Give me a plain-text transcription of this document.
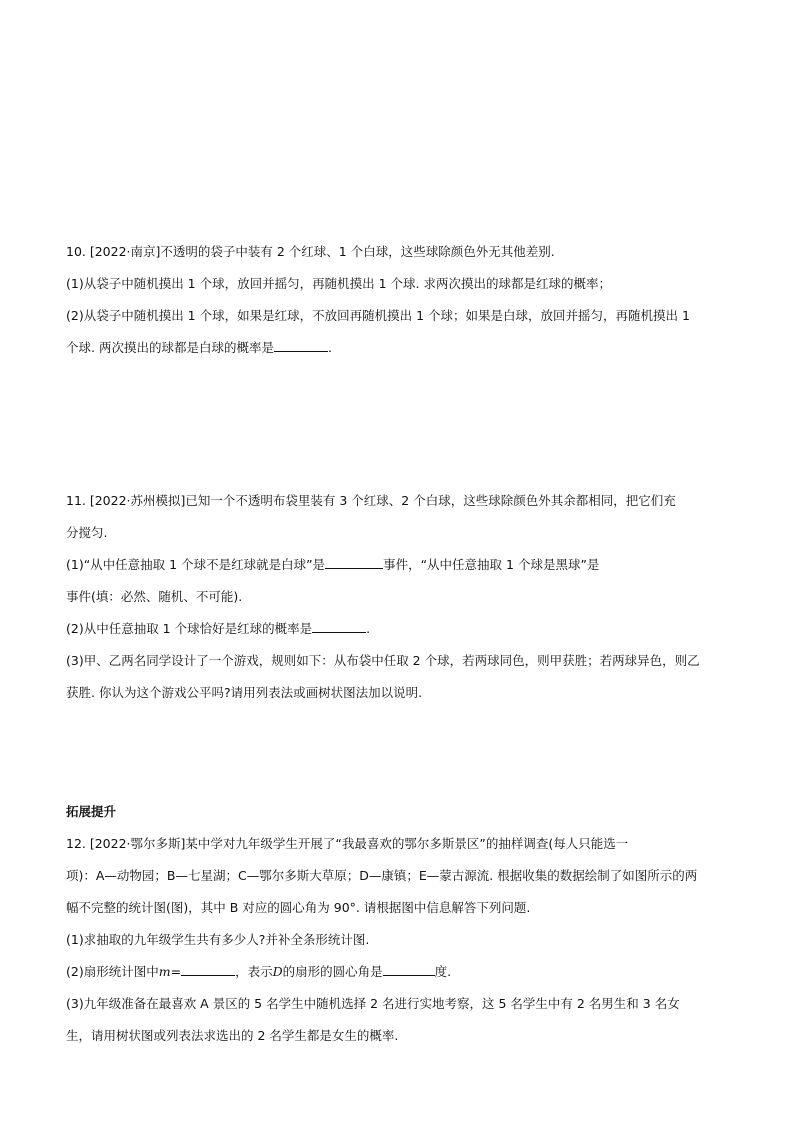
10. [2022·南京]不透明的袋子中装有 2 个红球、1 个白球，这些球除颜色外无其他差别.
(1)从袋子中随机摸出 1 个球，放回并摇匀，再随机摸出 1 个球. 求两次摸出的球都是红球的概率；
(2)从袋子中随机摸出 1 个球，如果是红球，不放回再随机摸出 1 个球；如果是白球，放回并摇匀，再随机摸出 1
个球. 两次摸出的球都是白球的概率是	.
11. [2022·苏州模拟]已知一个不透明布袋里装有 3 个红球、2 个白球，这些球除颜色外其余都相同，把它们充
分搅匀.
(1)“从中任意抽取 1 个球不是红球就是白球”是	事件，“从中任意抽取 1 个球是黑球”是
事件(填：必然、随机、不可能).
(2)从中任意抽取 1 个球恰好是红球的概率是	.
(3)甲、乙两名同学设计了一个游戏，规则如下：从布袋中任取 2 个球，若两球同色，则甲获胜；若两球异色，则乙
获胜. 你认为这个游戏公平吗?请用列表法或画树状图法加以说明.
拓展提升
12. [2022·鄂尔多斯]某中学对九年级学生开展了“我最喜欢的鄂尔多斯景区”的抽样调查(每人只能选一
项)：A—动物园；B—七星湖；C—鄂尔多斯大草原；D—康镇；E—蒙古源流. 根据收集的数据绘制了如图所示的两
幅不完整的统计图(图)，其中 B 对应的圆心角为 90°. 请根据图中信息解答下列问题.
(1)求抽取的九年级学生共有多少人?并补全条形统计图.
(2)扇形统计图中m=	，表示D的扇形的圆心角是	度.
(3)九年级准备在最喜欢 A 景区的 5 名学生中随机选择 2 名进行实地考察，这 5 名学生中有 2 名男生和 3 名女
生，请用树状图或列表法求选出的 2 名学生都是女生的概率.
